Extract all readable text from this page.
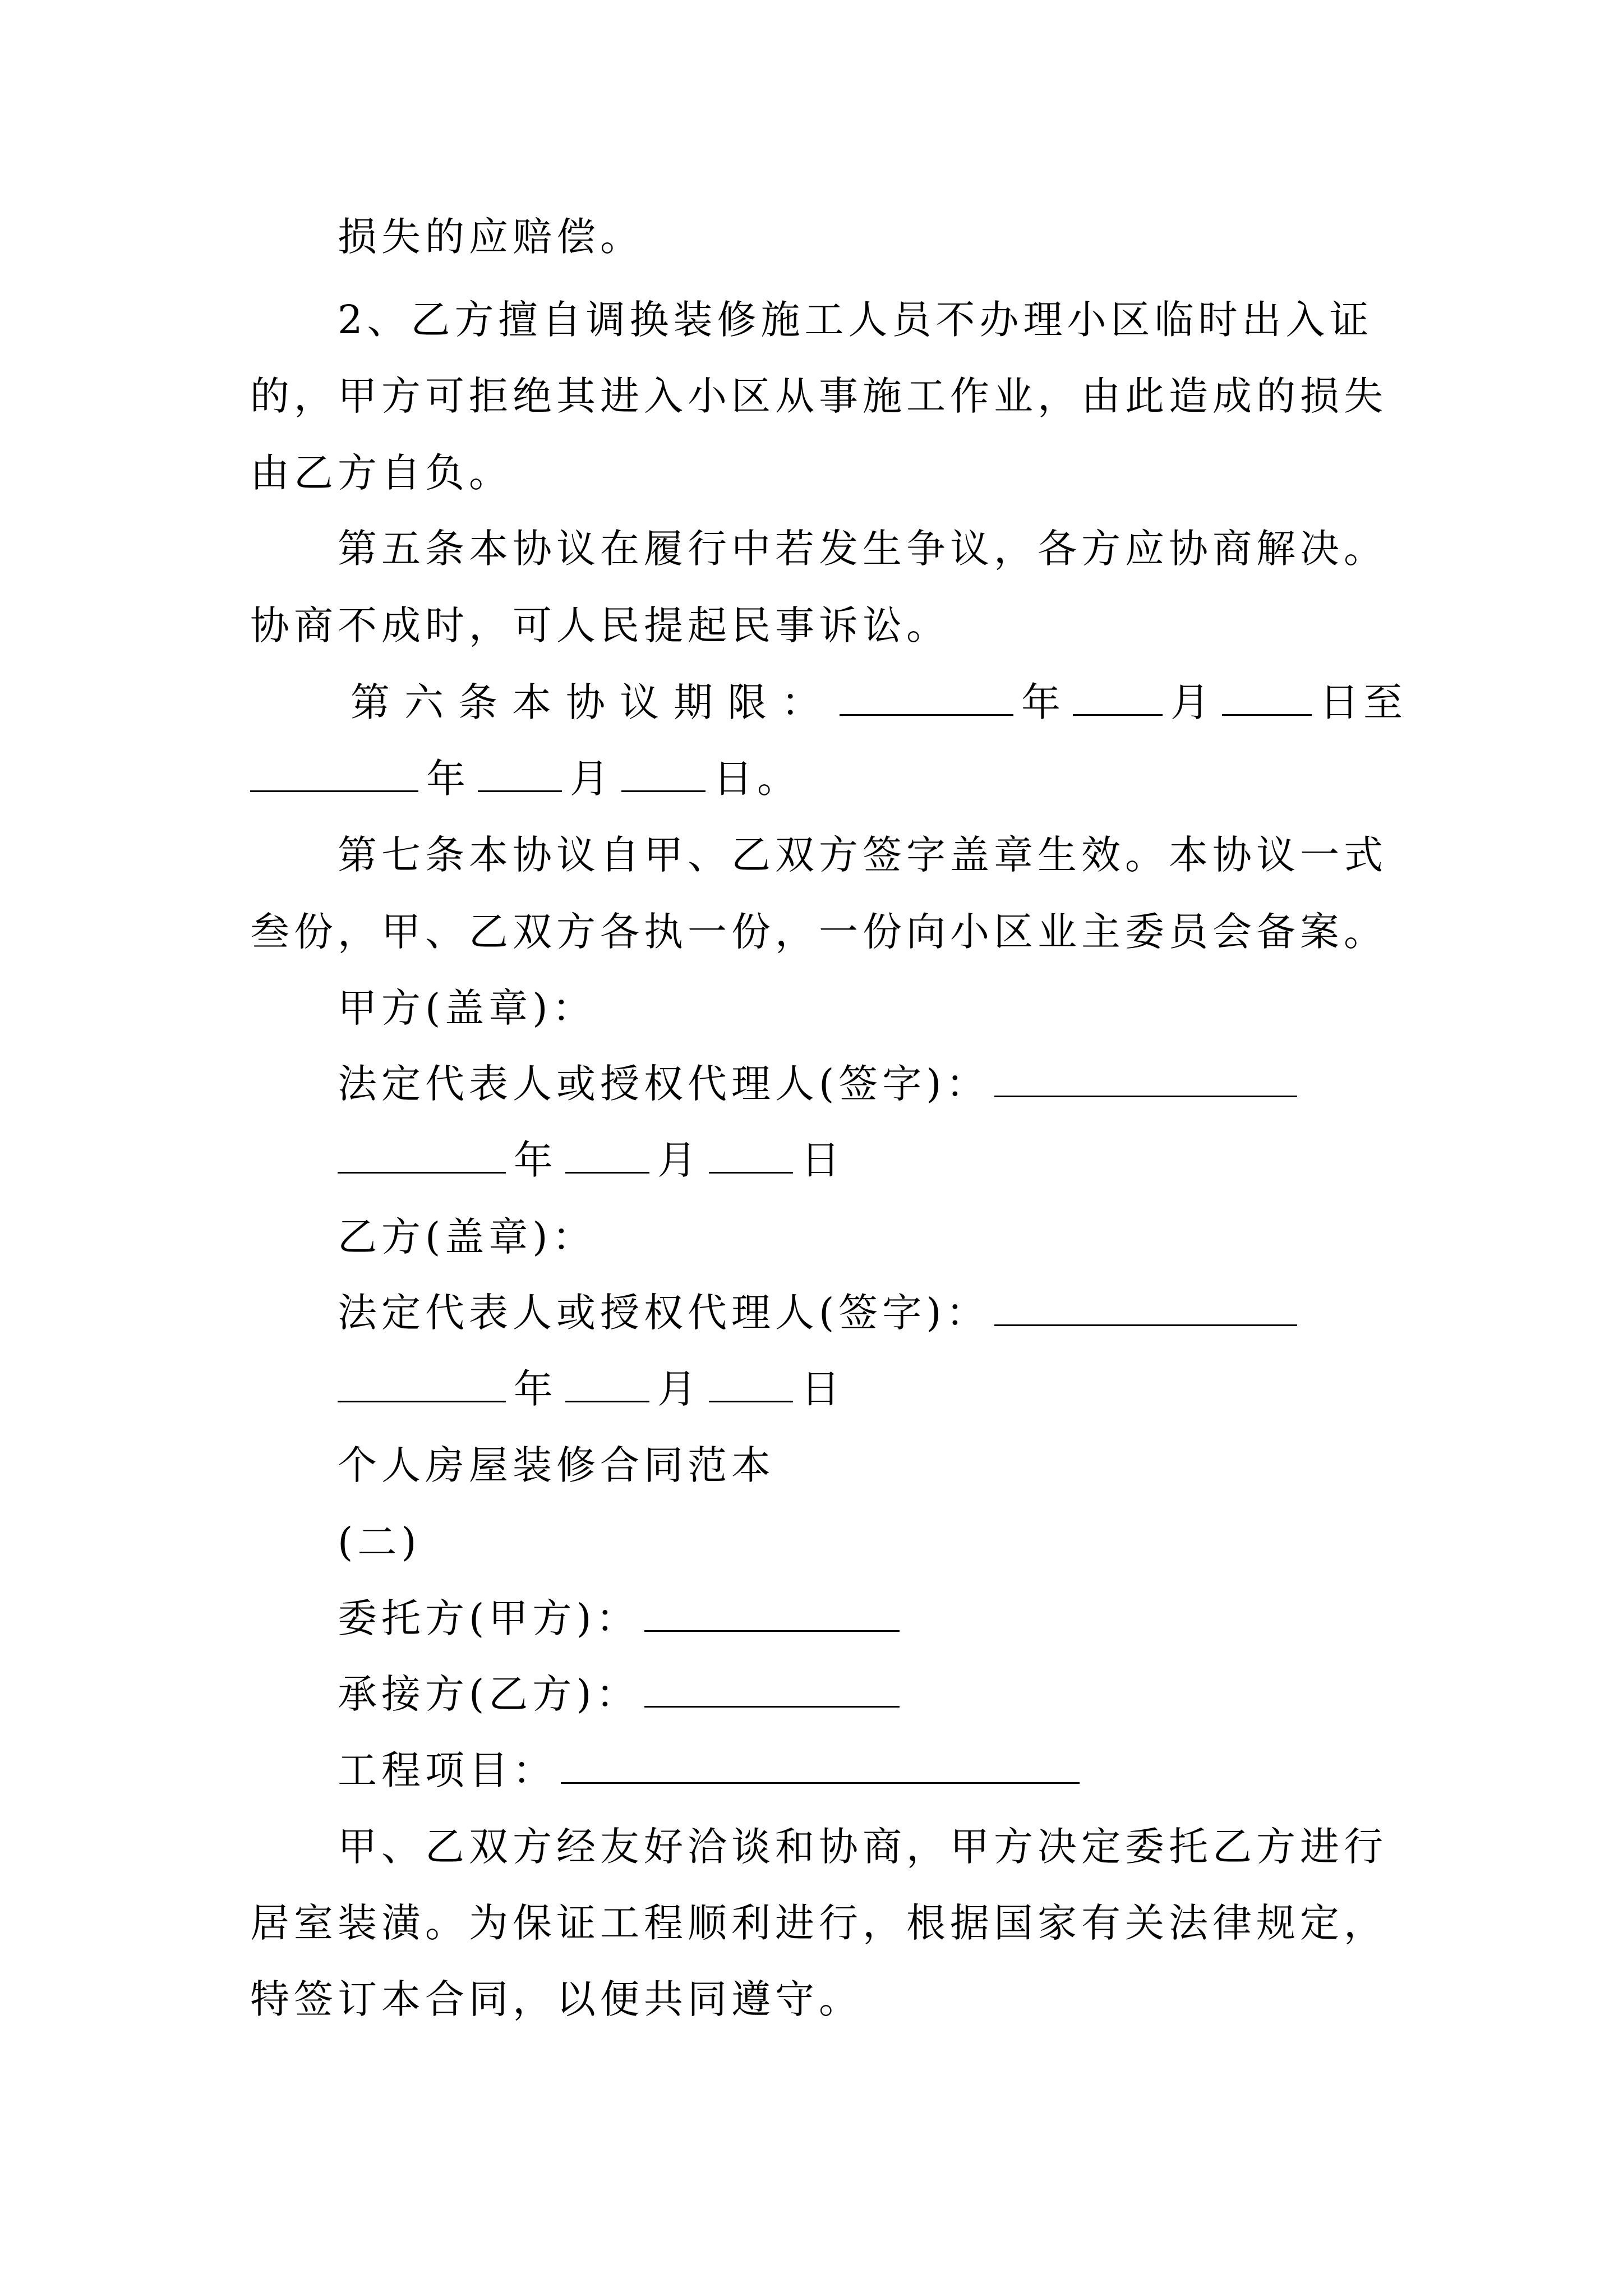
损失的应赔偿。

2、乙方擅自调换装修施工人员不办理小区临时出入证

的，甲方可拒绝其进入小区从事施工作业，由此造成的损失

由乙方自负。

第五条本协议在履行中若发生争议，各方应协商解决。

协商不成时，可人民提起民事诉讼。

第六条本协议期限：	年	月	日至

年	月	日。

第七条本协议自甲、乙双方签字盖章生效。本协议一式

叁份，甲、乙双方各执一份，一份向小区业主委员会备案。

甲方(盖章)：

法定代表人或授权代理人(签字)：

年	月	日

乙方(盖章)：

法定代表人或授权代理人(签字)：

年	月	日

个人房屋装修合同范本

(二)

委托方(甲方)：

承接方(乙方)：

工程项目：

甲、乙双方经友好洽谈和协商，甲方决定委托乙方进行

居室装潢。为保证工程顺利进行，根据国家有关法律规定，

特签订本合同，以便共同遵守。
